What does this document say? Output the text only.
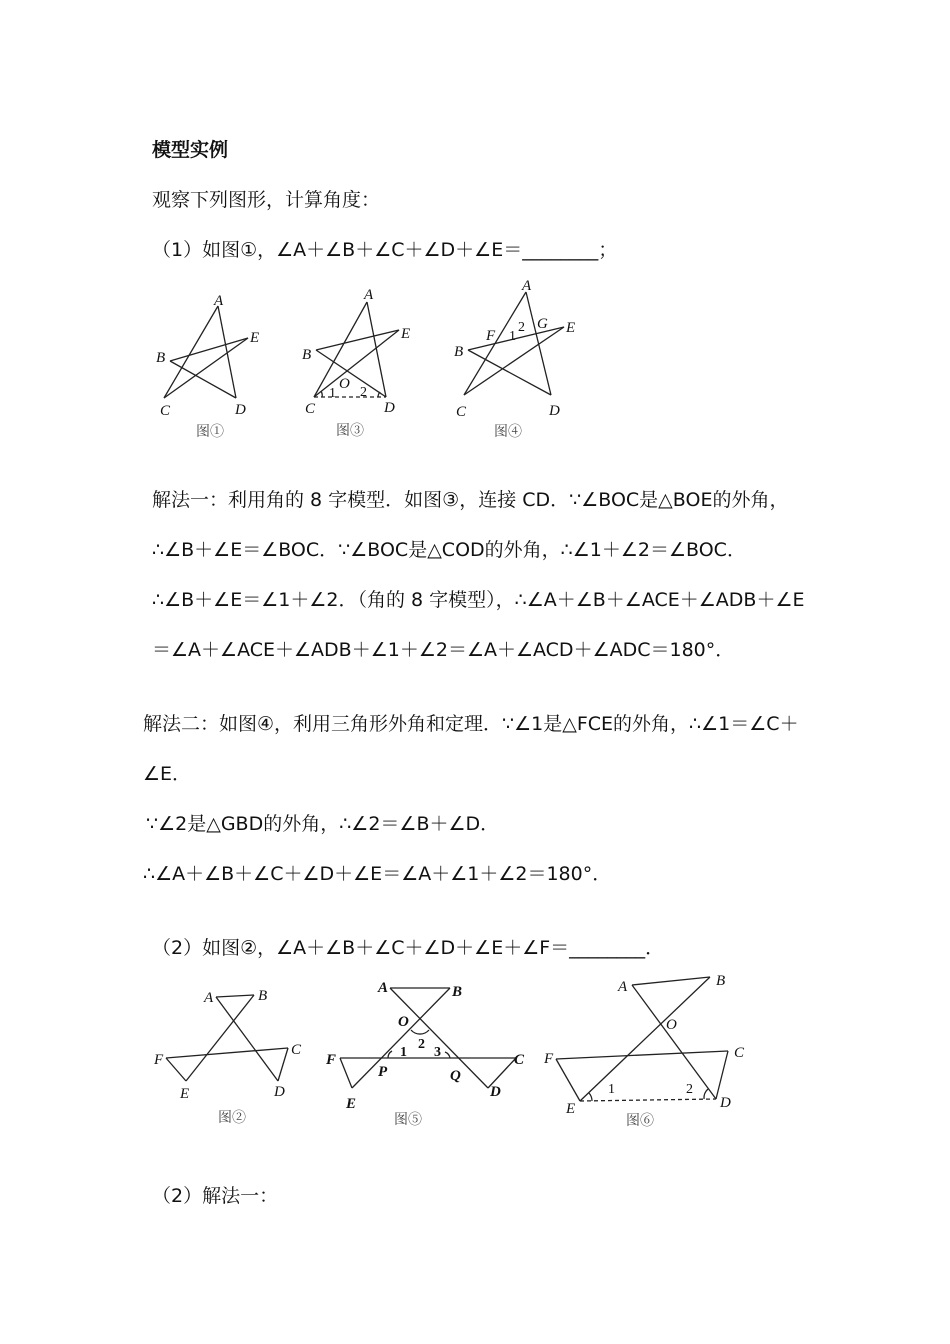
模型实例
观察下列图形，计算角度：
（1）如图①，∠A＋∠B＋∠C＋∠D＋∠E＝________；
A
B
C	D
E
图①
A
B
C	D
E
O
1 2
图③
A
B
C	D
E
F
G
1
2
图④
解法一：利用角的 8 字模型．如图③，连接 CD．∵∠BOC是△BOE的外角，
∴∠B＋∠E＝∠BOC．∵∠BOC是△COD的外角，∴∠1＋∠2＝∠BOC．
∴∠B＋∠E＝∠1＋∠2．（角的 8 字模型），∴∠A＋∠B＋∠ACE＋∠ADB＋∠E
＝∠A＋∠ACE＋∠ADB＋∠1＋∠2＝∠A＋∠ACD＋∠ADC＝180°．
解法二：如图④，利用三角形外角和定理．∵∠1是△FCE的外角，∴∠1＝∠C＋
∠E．
∵∠2是△GBD的外角，∴∠2＝∠B＋∠D．
∴∠A＋∠B＋∠C＋∠D＋∠E＝∠A＋∠1＋∠2＝180°．
（2）如图②，∠A＋∠B＋∠C＋∠D＋∠E＋∠F＝________．
A	B
C
D
E
F
图②
A	B
C
D
E
F
O
P	Q
1
2
3
图⑤
A	B
C
D
E
F
O
1	2
图⑥
（2）解法一：
